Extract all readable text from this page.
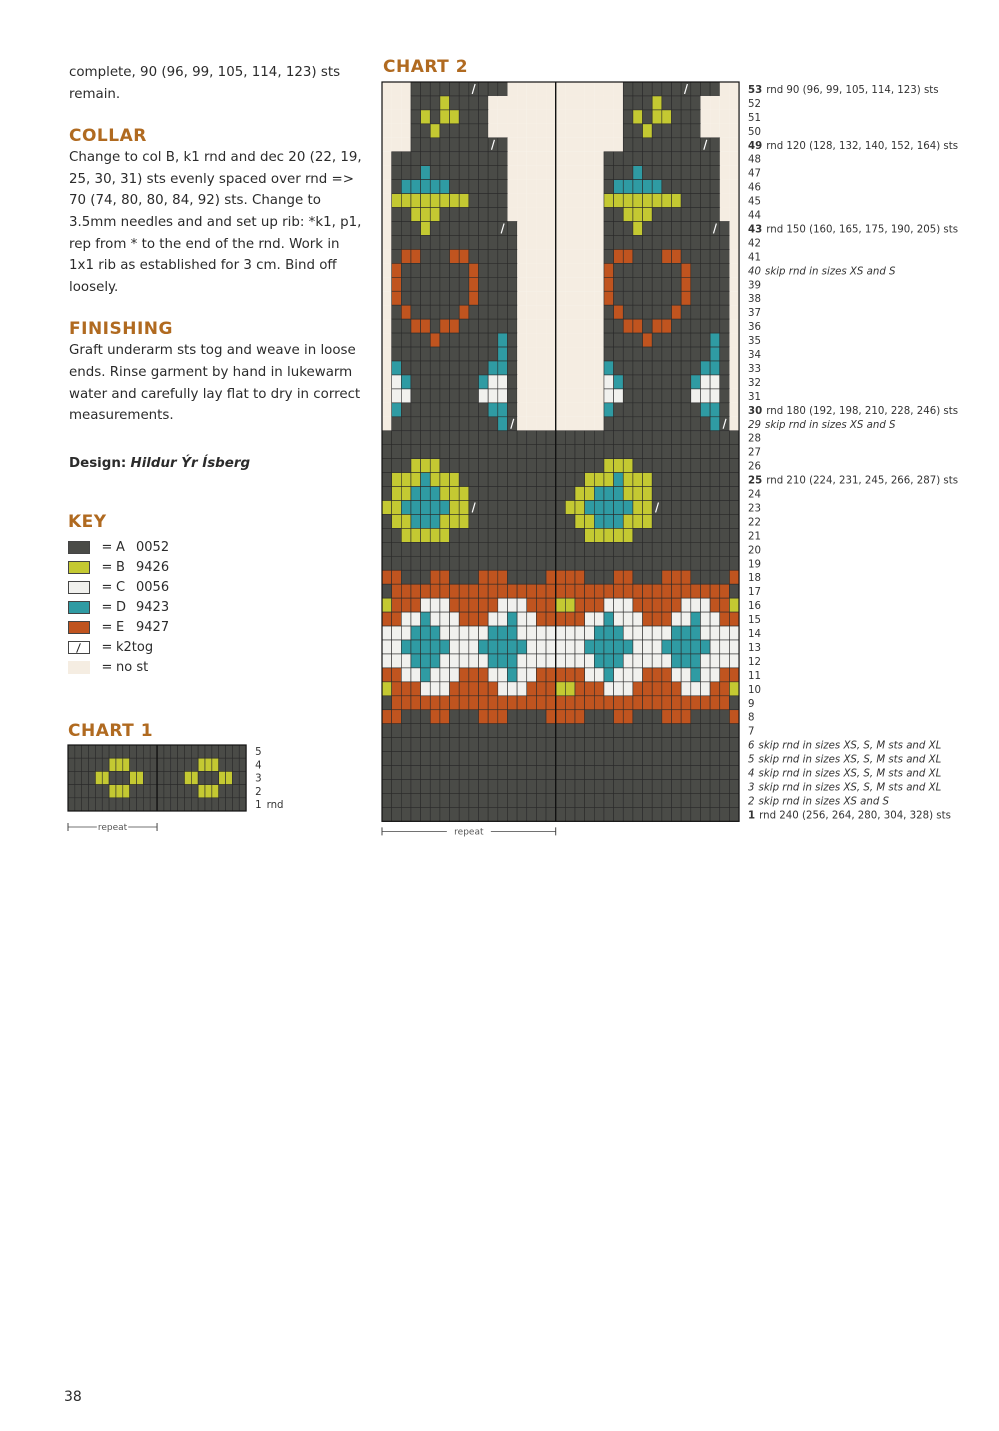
complete, 90 (96, 99, 105, 114, 123) sts remain.

COLLAR

Change to col B, k1 rnd and dec 20 (22, 19, 25, 30, 31) sts evenly spaced over rnd => 70 (74, 80, 80, 84, 92) sts. Change to 3.5mm needles and and set up rib: *k1, p1, rep from * to the end of the rnd. Work in 1x1 rib as established for 3 cm. Bind off loosely.

FINISHING

Graft underarm sts tog and weave in loose ends. Rinse garment by hand in lukewarm water and carefully lay flat to dry in correct measurements.

Design: Hildur Ýr Ísberg

KEY
= A 0052
= B 9426
= C 0056
= D 9423
= E 9427
= k2tog
= no st
CHART 1
5
4
3
2
1 rnd
repeat
CHART 2
53 rnd 90 (96, 99, 105, 114, 123) sts
52
51
50
49 rnd 120 (128, 132, 140, 152, 164) sts
48
47
46
45
44
43 rnd 150 (160, 165, 175, 190, 205) sts
42
41
40 skip rnd in sizes XS and S
39
38
37
36
35
34
33
32
31
30 rnd 180 (192, 198, 210, 228, 246) sts
29 skip rnd in sizes XS and S
28
27
26
25 rnd 210 (224, 231, 245, 266, 287) sts
24
23
22
21
20
19
18
17
16
15
14
13
12
11
10
9
8
7
6 skip rnd in sizes XS, S, M sts and XL
5 skip rnd in sizes XS, S, M sts and XL
4 skip rnd in sizes XS, S, M sts and XL
3 skip rnd in sizes XS, S, M sts and XL
2 skip rnd in sizes XS and S
1 rnd 240 (256, 264, 280, 304, 328) sts
repeat
38
